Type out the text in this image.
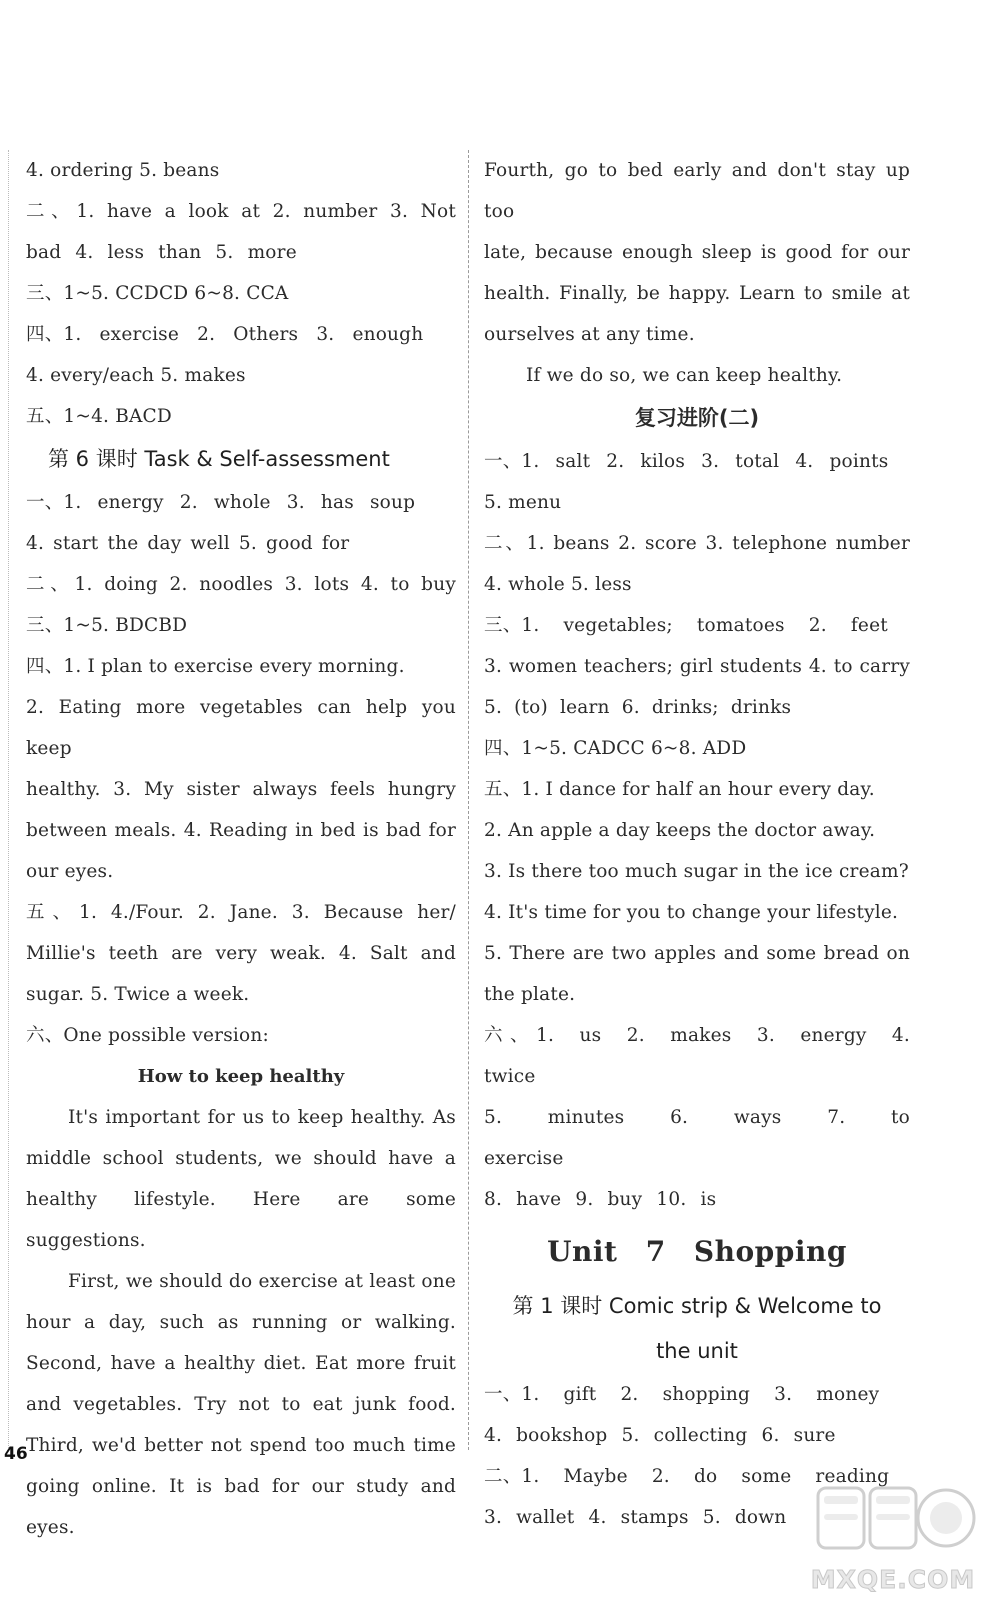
4. ordering 5. beans
二、1. have a look at 2. number 3. Not
bad 4. less than 5. more
三、1~5. CCDCD 6~8. CCA
四、1. exercise 2. Others 3. enough
4. every/each 5. makes
五、1~4. BACD
第 6 课时 Task & Self-assessment
一、1. energy 2. whole 3. has soup
4. start the day well 5. good for
二、1. doing 2. noodles 3. lots 4. to buy
三、1~5. BDCBD
四、1. I plan to exercise every morning.
2. Eating more vegetables can help you keep
healthy. 3. My sister always feels hungry
between meals. 4. Reading in bed is bad for
our eyes.
五、1. 4./Four. 2. Jane. 3. Because her/
Millie's teeth are very weak. 4. Salt and
sugar. 5. Twice a week.
六、One possible version:
How to keep healthy
It's important for us to keep healthy. As
middle school students, we should have a
healthy lifestyle. Here are some suggestions.
First, we should do exercise at least one
hour a day, such as running or walking.
Second, have a healthy diet. Eat more fruit
and vegetables. Try not to eat junk food.
Third, we'd better not spend too much time
going online. It is bad for our study and eyes.
Fourth, go to bed early and don't stay up too
late, because enough sleep is good for our
health. Finally, be happy. Learn to smile at
ourselves at any time.
If we do so, we can keep healthy.
复习进阶(二)
一、1. salt 2. kilos 3. total 4. points
5. menu
二、1. beans 2. score 3. telephone number
4. whole 5. less
三、1. vegetables; tomatoes 2. feet
3. women teachers; girl students 4. to carry
5. (to) learn 6. drinks; drinks
四、1~5. CADCC 6~8. ADD
五、1. I dance for half an hour every day.
2. An apple a day keeps the doctor away.
3. Is there too much sugar in the ice cream?
4. It's time for you to change your lifestyle.
5. There are two apples and some bread on
the plate.
六、1. us 2. makes 3. energy 4. twice
5. minutes 6. ways 7. to exercise
8. have 9. buy 10. is
Unit 7 Shopping
第 1 课时 Comic strip & Welcome to
the unit
一、1. gift 2. shopping 3. money
4. bookshop 5. collecting 6. sure
二、1. Maybe 2. do some reading
3. wallet 4. stamps 5. down
46
MXQE.COM
